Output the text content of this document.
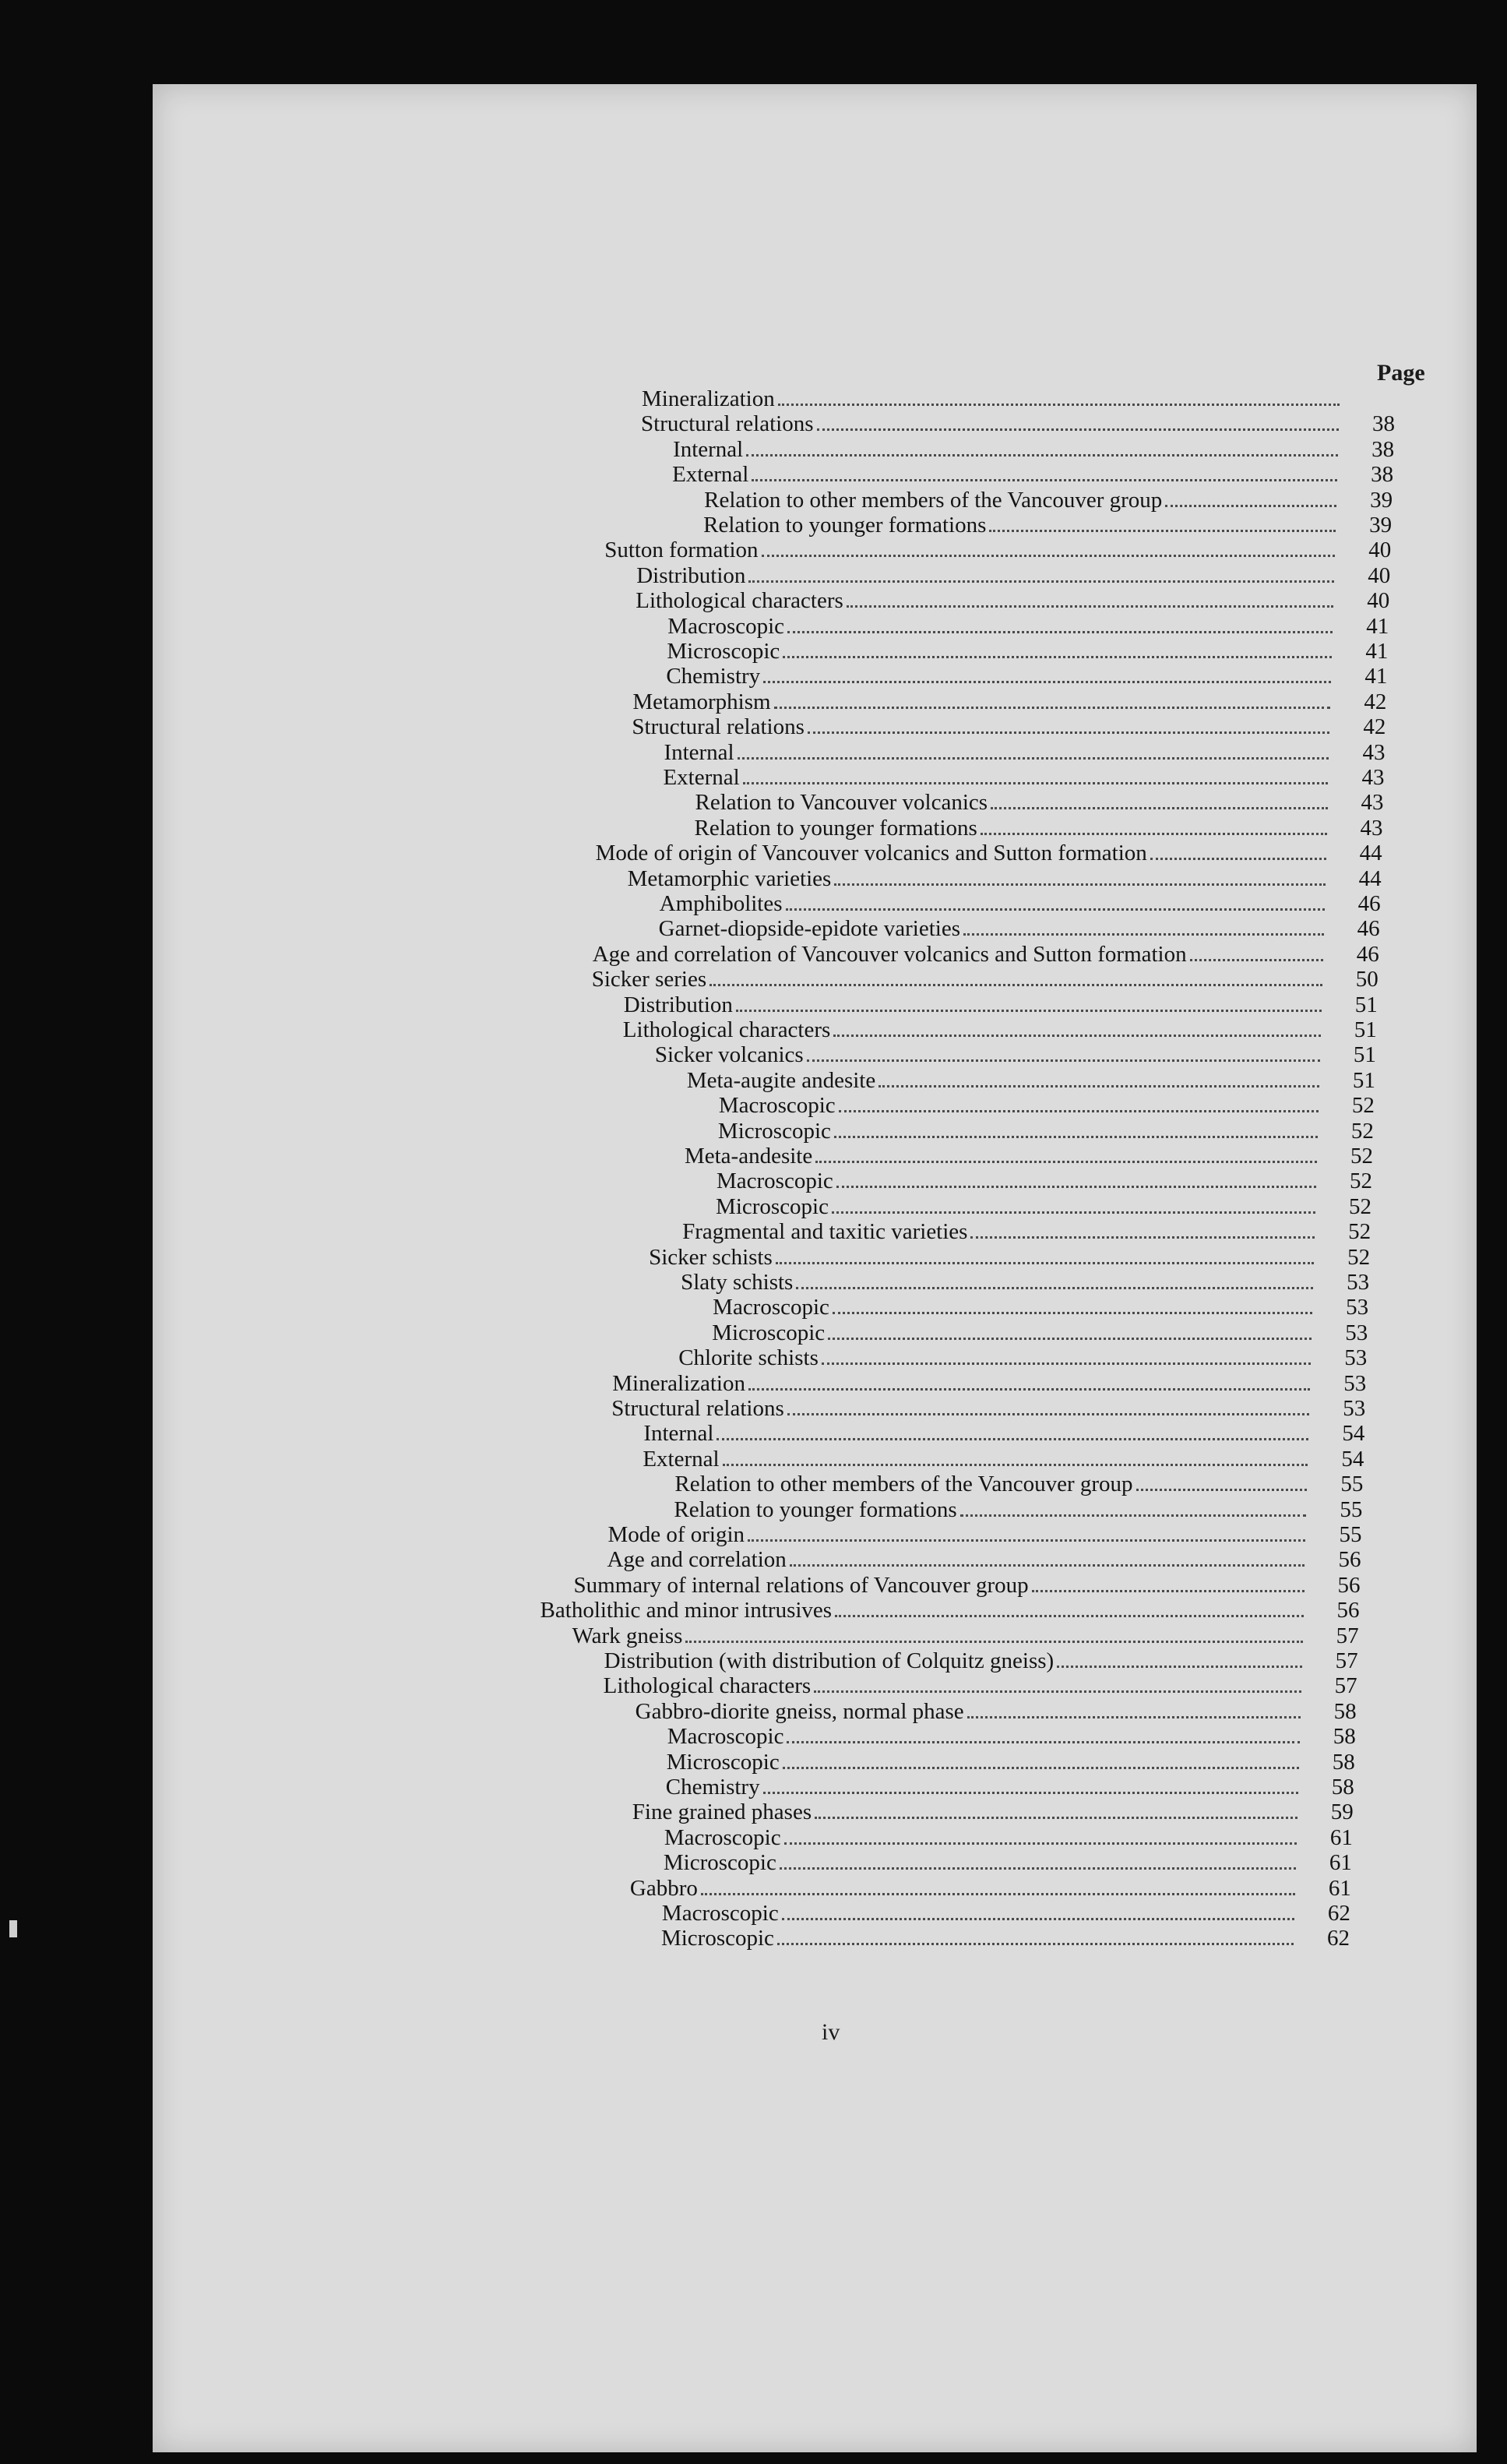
Page
Mineralization
Structural relations	38
Internal	38
External	38
Relation to other members of the Vancouver group	39
Relation to younger formations	39
Sutton formation	40
Distribution	40
Lithological characters	40
Macroscopic	41
Microscopic	41
Chemistry	41
Metamorphism	42
Structural relations	42
Internal	43
External	43
Relation to Vancouver volcanics	43
Relation to younger formations	43
Mode of origin of Vancouver volcanics and Sutton formation	44
Metamorphic varieties	44
Amphibolites	46
Garnet-diopside-epidote varieties	46
Age and correlation of Vancouver volcanics and Sutton formation	46
Sicker series	50
Distribution	51
Lithological characters	51
Sicker volcanics	51
Meta-augite andesite	51
Macroscopic	52
Microscopic	52
Meta-andesite	52
Macroscopic	52
Microscopic	52
Fragmental and taxitic varieties	52
Sicker schists	52
Slaty schists	53
Macroscopic	53
Microscopic	53
Chlorite schists	53
Mineralization	53
Structural relations	53
Internal	54
External	54
Relation to other members of the Vancouver group	55
Relation to younger formations	55
Mode of origin	55
Age and correlation	56
Summary of internal relations of Vancouver group	56
Batholithic and minor intrusives	56
Wark gneiss	57
Distribution (with distribution of Colquitz gneiss)	57
Lithological characters	57
Gabbro-diorite gneiss, normal phase	58
Macroscopic	58
Microscopic	58
Chemistry	58
Fine grained phases	59
Macroscopic	61
Microscopic	61
Gabbro	61
Macroscopic	62
Microscopic	62
iv
